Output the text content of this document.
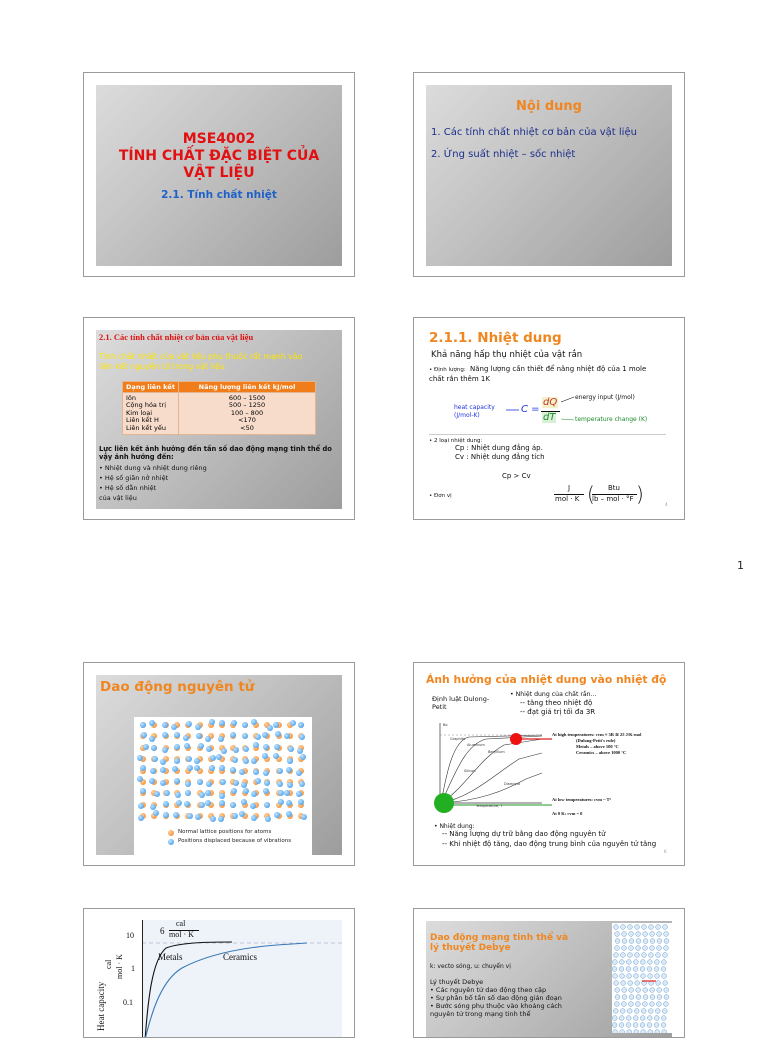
MSE4002
TÍNH CHẤT ĐẶC BIỆT CỦA
VẬT LIỆU
2.1. Tính chất nhiệt
Nội dung
1. Các tính chất nhiệt cơ bản của vật liệu
2. Ứng suất nhiệt – sốc nhiệt
2.1. Các tính chất nhiệt cơ bản của vật liệu
Tính chất nhiệt của vật liệu phụ thuộc rất mạnh vào
liên kết nguyên tử trong vật liệu
Dạng liên kết	Năng lượng liên kết kJ/mol
Iôn	600 – 1500
Cộng hóa trị	500 – 1250
Kim loại	100 – 800
Liên kết H	<170
Liên kết yếu	<50
Lực liên kết ảnh hưởng đến tần số dao động mạng tinh thể do
vậy ảnh hưởng đến:
• Nhiệt dung và nhiệt dung riêng
• Hệ số giãn nở nhiệt
• Hệ số dẫn nhiệt
của vật liệu
2.1.1. Nhiệt dung
Khả năng hấp thụ nhiệt của vật rắn
• Định lượng: Năng lượng cần thiết để nâng nhiệt độ của 1 mole
chất rắn thêm 1K
energy input (J/mol)
heat capacity
(J/mol-K)
C =
dQ
dT	temperature change (K)
• 2 loại nhiệt dung:
Cp : Nhiệt dung đẳng áp.
Cv : Nhiệt dung đẳng tích
Cp > Cv
• Đơn vị
J
mol · K
Btu
lb – mol · °F
( )	4
1
Dao động nguyên tử
Normal lattice positions for atoms
Positions displaced because of vibrations
Ảnh hưởng của nhiệt dung vào nhiệt độ
Định luật Dulong-
Petit
• Nhiệt dung của chất rắn...
-- tăng theo nhiệt độ
-- đạt giá trị tối đa 3R
Bo
Graphite
Aluminum
Beryllium
Silicon
Diamond
Temperature, T
At high temperatures: cvm ≈ 3R ≅ 25 J/K·mol
(Dulong-Petit's rule)
Metals – above 100 °C
Ceramics – above 1000 °C
At low temperatures: cvm ~ T³
At 0 K: cvm = 0
• Nhiệt dung:
-- Năng lượng dự trữ bằng dao động nguyên tử
-- Khi nhiệt độ tăng, dao động trung bình của nguyên tử tăng
6
Heat capacity
cal mol · K
10
1
0.1
6
cal
mol · K
Metals	Ceramics
Dao động mạng tinh thể và
lý thuyết Debye
k: vecto sóng, u: chuyển vị
Lý thuyết Debye
• Các nguyên tử dao động theo cặp
• Sự phân bố tần số dao động gián đoạn
• Bước sóng phụ thuộc vào khoảng cách
nguyên tử trong mạng tinh thể
